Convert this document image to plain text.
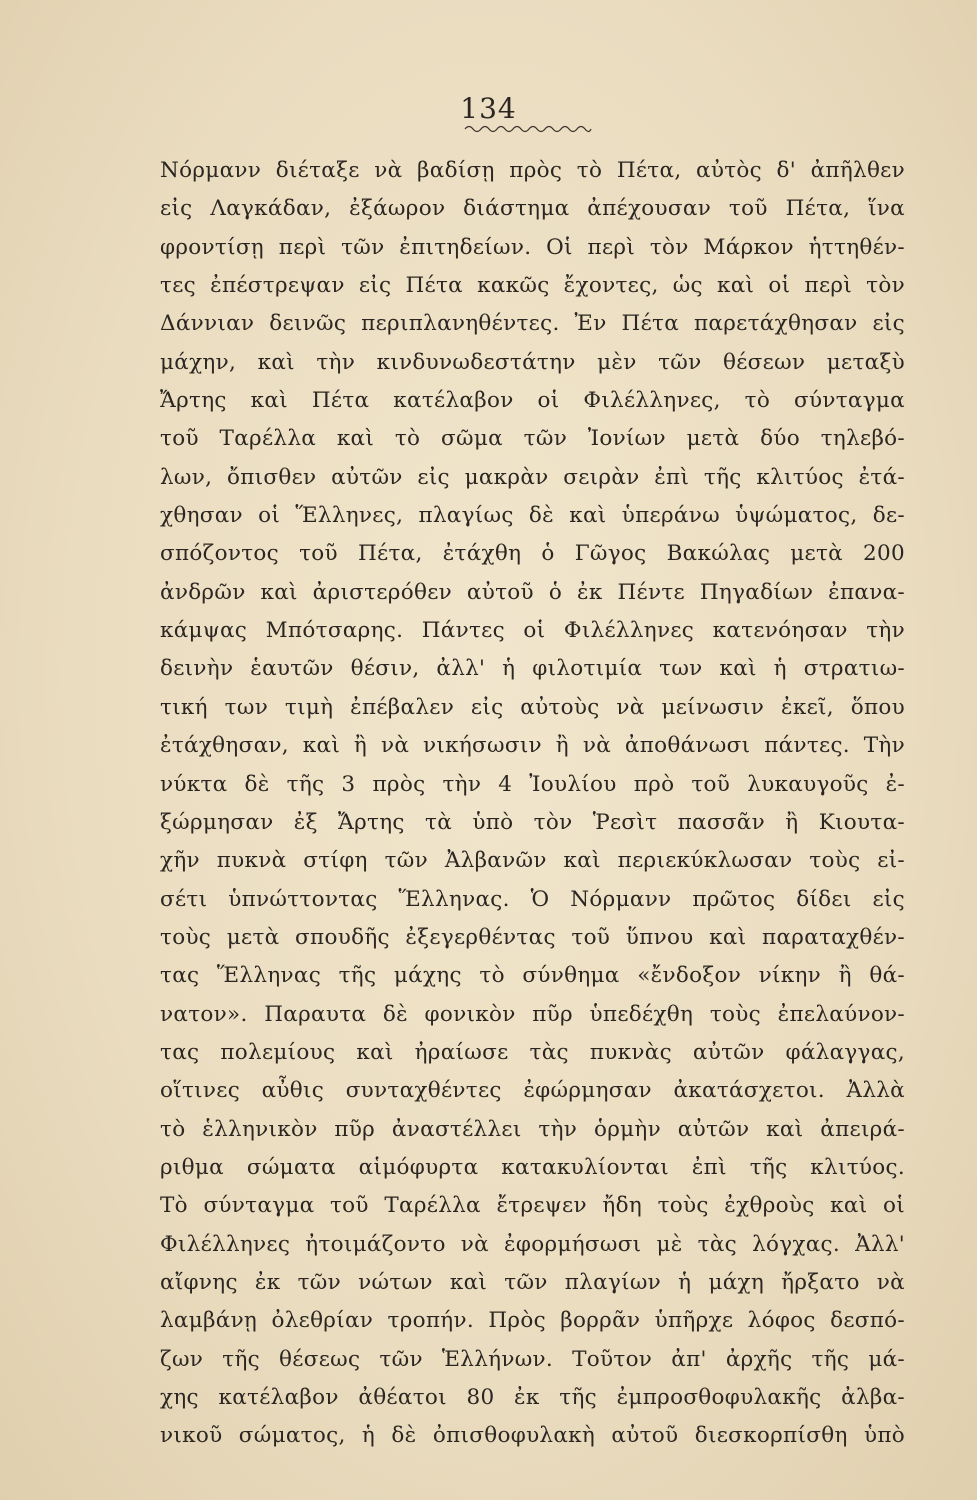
134
Νόρμανν διέταξε νὰ βαδίσῃ πρὸς τὸ Πέτα, αὐτὸς δ' ἀπῆλθεν
εἰς Λαγκάδαν, ἐξάωρον διάστημα ἀπέχουσαν τοῦ Πέτα, ἵνα
φροντίσῃ περὶ τῶν ἐπιτηδείων. Οἱ περὶ τὸν Μάρκον ἡττηθέν-
τες ἐπέστρεψαν εἰς Πέτα κακῶς ἔχοντες, ὡς καὶ οἱ περὶ τὸν
Δάννιαν δεινῶς περιπλανηθέντες. Ἐν Πέτα παρετάχθησαν εἰς
μάχην, καὶ τὴν κινδυνωδεστάτην μὲν τῶν θέσεων μεταξὺ
Ἄρτης καὶ Πέτα κατέλαβον οἱ Φιλέλληνες, τὸ σύνταγμα
τοῦ Ταρέλλα καὶ τὸ σῶμα τῶν Ἰονίων μετὰ δύο τηλεβό-
λων, ὄπισθεν αὐτῶν εἰς μακρὰν σειρὰν ἐπὶ τῆς κλιτύος ἐτά-
χθησαν οἱ Ἕλληνες, πλαγίως δὲ καὶ ὑπεράνω ὑψώματος, δε-
σπόζοντος τοῦ Πέτα, ἐτάχθη ὁ Γῶγος Βακώλας μετὰ 200
ἀνδρῶν καὶ ἀριστερόθεν αὐτοῦ ὁ ἐκ Πέντε Πηγαδίων ἐπανα-
κάμψας Μπότσαρης. Πάντες οἱ Φιλέλληνες κατενόησαν τὴν
δεινὴν ἑαυτῶν θέσιν, ἀλλ' ἡ φιλοτιμία των καὶ ἡ στρατιω-
τική των τιμὴ ἐπέβαλεν εἰς αὐτοὺς νὰ μείνωσιν ἐκεῖ, ὅπου
ἐτάχθησαν, καὶ ἢ νὰ νικήσωσιν ἢ νὰ ἀποθάνωσι πάντες. Τὴν
νύκτα δὲ τῆς 3 πρὸς τὴν 4 Ἰουλίου πρὸ τοῦ λυκαυγοῦς ἐ-
ξώρμησαν ἐξ Ἄρτης τὰ ὑπὸ τὸν Ῥεσὶτ πασσᾶν ἢ Κιουτα-
χῆν πυκνὰ στίφη τῶν Ἀλβανῶν καὶ περιεκύκλωσαν τοὺς εἰ-
σέτι ὑπνώττοντας Ἕλληνας. Ὁ Νόρμανν πρῶτος δίδει εἰς
τοὺς μετὰ σπουδῆς ἐξεγερθέντας τοῦ ὕπνου καὶ παραταχθέν-
τας Ἕλληνας τῆς μάχης τὸ σύνθημα «ἔνδοξον νίκην ἢ θά-
νατον». Παραυτα δὲ φονικὸν πῦρ ὑπεδέχθη τοὺς ἐπελαύνον-
τας πολεμίους καὶ ἠραίωσε τὰς πυκνὰς αὐτῶν φάλαγγας,
οἵτινες αὖθις συνταχθέντες ἐφώρμησαν ἀκατάσχετοι. Ἀλλὰ
τὸ ἑλληνικὸν πῦρ ἀναστέλλει τὴν ὁρμὴν αὐτῶν καὶ ἀπειρά-
ριθμα σώματα αἱμόφυρτα κατακυλίονται ἐπὶ τῆς κλιτύος.
Τὸ σύνταγμα τοῦ Ταρέλλα ἔτρεψεν ἤδη τοὺς ἐχθροὺς καὶ οἱ
Φιλέλληνες ἠτοιμάζοντο νὰ ἐφορμήσωσι μὲ τὰς λόγχας. Ἀλλ'
αἴφνης ἐκ τῶν νώτων καὶ τῶν πλαγίων ἡ μάχη ἤρξατο νὰ
λαμβάνῃ ὀλεθρίαν τροπήν. Πρὸς βορρᾶν ὑπῆρχε λόφος δεσπό-
ζων τῆς θέσεως τῶν Ἑλλήνων. Τοῦτον ἀπ' ἀρχῆς τῆς μά-
χης κατέλαβον ἀθέατοι 80 ἐκ τῆς ἐμπροσθοφυλακῆς ἀλβα-
νικοῦ σώματος, ἡ δὲ ὀπισθοφυλακὴ αὐτοῦ διεσκορπίσθη ὑπὸ
